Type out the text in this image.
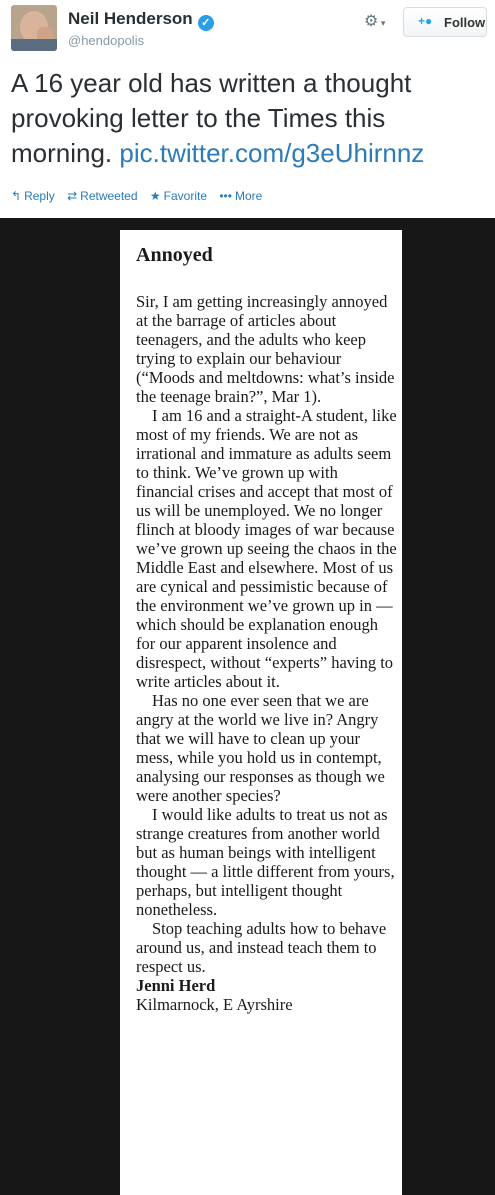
Neil Henderson ✓
@hendopolis
⚙ ▾	+● Follow
A 16 year old has written a thought provoking letter to the Times this morning. pic.twitter.com/g3eUhirnnz
↰ Reply ⇄ Retweeted ★ Favorite ••• More
Annoyed

Sir, I am getting increasingly annoyed at the barrage of articles about teenagers, and the adults who keep trying to explain our behaviour (“Moods and meltdowns: what’s inside the teenage brain?”, Mar 1).

I am 16 and a straight-A student, like most of my friends. We are not as irrational and immature as adults seem to think. We’ve grown up with financial crises and accept that most of us will be unemployed. We no longer flinch at bloody images of war because we’ve grown up seeing the chaos in the Middle East and elsewhere. Most of us are cynical and pessimistic because of the environment we’ve grown up in — which should be explanation enough for our apparent insolence and disrespect, without “experts” having to write articles about it.

Has no one ever seen that we are angry at the world we live in? Angry that we will have to clean up your mess, while you hold us in contempt, analysing our responses as though we were another species?

I would like adults to treat us not as strange creatures from another world but as human beings with intelligent thought — a little different from yours, perhaps, but intelligent thought nonetheless.

Stop teaching adults how to behave around us, and instead teach them to respect us.

Jenni Herd
Kilmarnock, E Ayrshire
